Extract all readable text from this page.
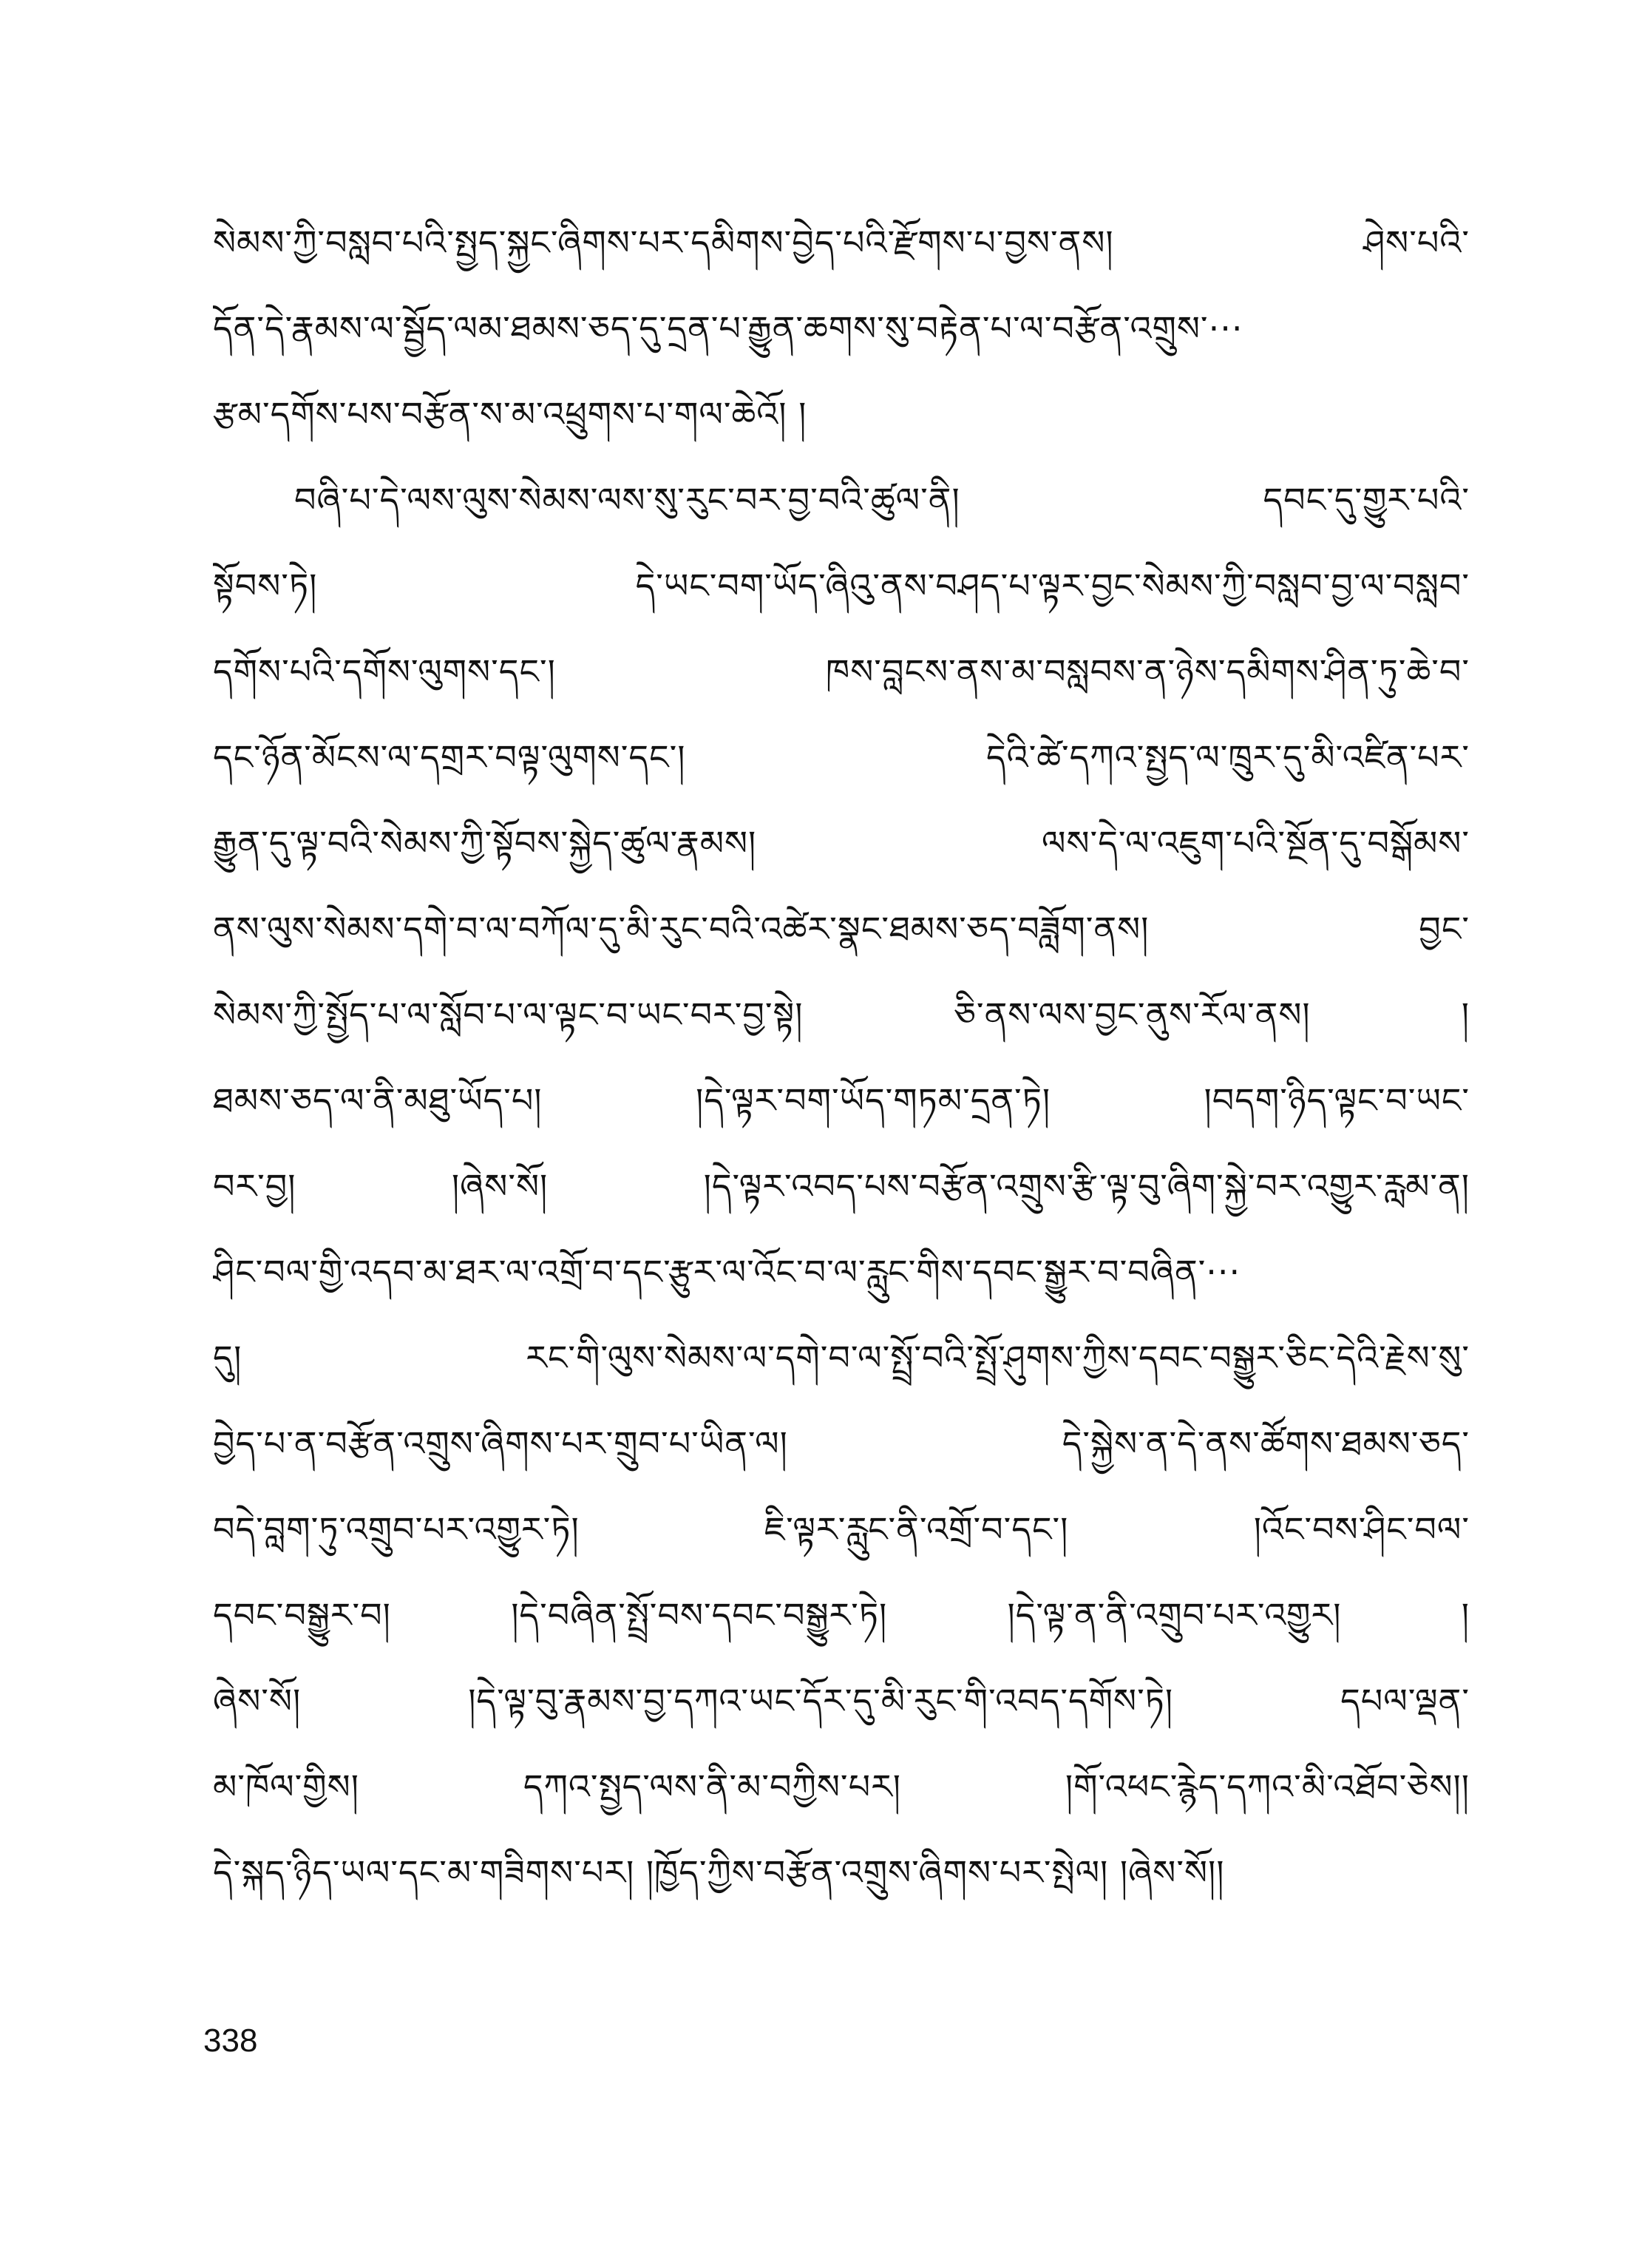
སེམས་ཀྱི་བསླབ་པའི་སྤྱད་སྐྱང་ཞིགས་པར་དམིགས་བྱེད་པའི་རྫོགས་པ་བྱས་ནས། ཤེས་པའི་
དོན་དེ་རྣམས་ལ་སྦྱོད་ལམ་ཐམས་ཅད་དུ་དྲན་པ་རྒྱུན་ཆགས་སུ་བརྟེན་པ་ལ་བརྩོན་འགྲུས་···
རྩམ་དགོས་པས་བརྩོན་ས་མ་འཕྲུགས་པ་གལ་ཆེའོ། །
བཞི་པ་དེ་ལས་ལུས་སེམས་ལས་སུ་རུང་བར་བྱ་བའི་ཚུལ་ནི། དབང་དུ་གྱུར་པའི་
སྟོབས་ཏེ། དེ་ཡང་བག་ཡོད་ཞིའུ་ནས་བཤད་པ་ལྟར་བྱང་སེམས་ཀྱི་བསླབ་བྱ་ལ་བསླབ་
དགོས་པའི་དགོས་ལུགས་དང་། ཁས་བླངས་ནས་མ་བསླབས་ན་ཉེས་དམིགས་ཤིན་ཏུ་ཆེ་བ་
དང་ཉོན་མོངས་ལ་དགྲར་བལྟ་ལུགས་དང་། དེའི་ཚེ་དཀའ་སྤྱད་ལ་ཁྲུར་དུ་མི་འཛིན་པར་
རྒྱུན་དུ་ལྟ་བའི་སེམས་ཀྱི་སྟོབས་སྐྱེད་ཚུལ་རྣམས། ལས་དེ་ལ་འཇུག་པའི་སྔོན་དུ་བསྒོམས་
ནས་ལུས་སེམས་དགེ་བ་ལ་བཀོལ་དུ་མི་རུང་བའི་འཚེར་སྣང་ཐམས་ཅད་བཟློག་ནས། བྱང་
སེམས་ཀྱི་སྤྱོད་པ་ལ་སློབ་པ་ལ་ལྟང་བ་ཡང་བར་བྱ་སྟེ། ཅི་ནས་ལས་བྱང་ནུས་རོལ་ནས། །
ཐམས་ཅད་ལ་ནི་མཐུ་ཡོད་པ། །དེ་ལྟར་བག་ཡོད་གཏམ་དྲན་ཏེ། །བདག་ཉིད་ལྟང་བ་ཡང་
བར་བྱ། །ཞེས་སོ། །དེ་ལྟར་འབད་པས་བརྩོན་འགྲུས་རྩི་ལྟ་བུ་ཞིག་སྐྱེ་བར་འགྱུར་རླམ་ན།
ཤིང་བལ་གྱི་འདབ་མ་ཐར་ལ་འགྲོ་བ་དང་རྩུར་ལ་འོང་བ་ལ་རླུང་གིས་དབང་སྒྱུར་བ་བཞིན་···
དུ། རང་གི་ལུས་སེམས་ལ་དགེ་བ་ལ་སྤྲོ་བའི་སྤྲོ་ཤུགས་ཀྱིས་དབང་བསྒྱུར་ཅིང་དེའི་རྗེས་སུ་
བྱེད་པ་ན་བརྩོན་འགྲུས་ཞིགས་པར་གྲུབ་པ་ཡིན་ལ། དེ་སྐྱེས་ན་དེ་ནས་ཚོགས་ཐམས་ཅད་
བདེ་བླག་ཏུ་འགྲུབ་པར་འགྱུར་ཏེ། ཇི་ལྟར་རླུང་ནི་འགྲོ་བ་དང་། །འོང་བས་ཤིང་བལ་
དབང་བསྒྱུར་བ། །དེ་བཞིན་སྤྲོ་བས་དབང་བསྒྱུར་ཏེ། །དེ་ལྟ་ན་ནི་འགྲུབ་པར་འགྱུར། །
ཞེས་སོ། །དེ་ལྟ་བུ་རྣམས་བྱ་དཀའ་ཡང་དོར་དུ་མི་རུང་གི་འབད་དགོས་ཏེ། དཔལ་ལྡན་
མ་ཁོལ་གྱིས། དཀའ་སྤྱད་ལས་ནི་མ་བཀྱིས་པར། །གོ་འཕང་རྙེད་དཀའ་མི་འཐོབ་ཅེས།།
དེ་སྐད་ཉིད་ཡལ་དང་མ་གཟིགས་པར། །ཁྱོད་ཀྱིས་བརྩོན་འགྲུས་ཞིགས་པར་སྤེལ། །ཞེས་སོ།།
338
